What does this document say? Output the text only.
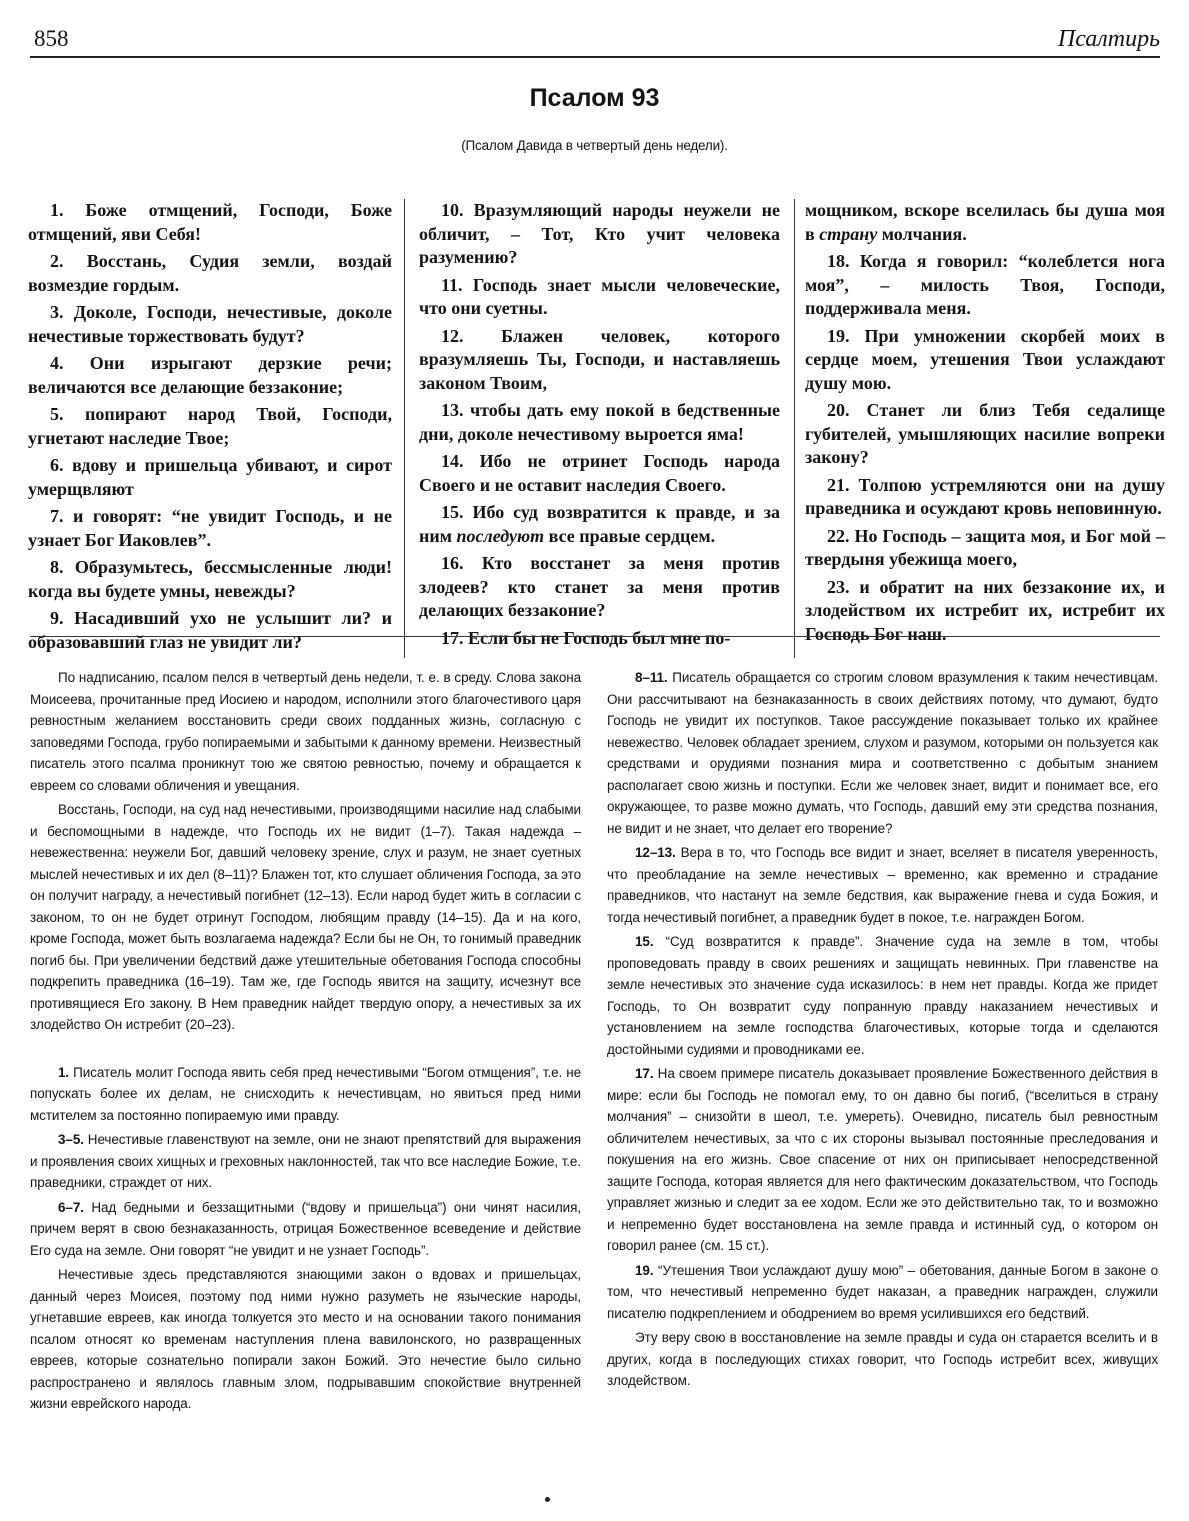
858	Псалтирь
Псалом 93
(Псалом Давида в четвертый день недели).

1. Боже отмщений, Господи, Боже отмщений, яви Себя!

2. Восстань, Судия земли, воздай возмездие гордым.

3. Доколе, Господи, нечестивые, доколе нечестивые торжествовать будут?

4. Они изрыгают дерзкие речи; величаются все делающие беззаконие;

5. попирают народ Твой, Господи, угнетают наследие Твое;

6. вдову и пришельца убивают, и сирот умерщвляют

7. и говорят: “не увидит Господь, и не узнает Бог Иаковлев”.

8. Образумьтесь, бессмысленные люди! когда вы будете умны, невежды?

9. Насадивший ухо не услышит ли? и образовавший глаз не увидит ли?

10. Вразумляющий народы неужели не обличит, – Тот, Кто учит человека разумению?

11. Господь знает мысли человеческие, что они суетны.

12. Блажен человек, которого вразумляешь Ты, Господи, и наставляешь законом Твоим,

13. чтобы дать ему покой в бедственные дни, доколе нечестивому выроется яма!

14. Ибо не отринет Господь народа Своего и не оставит наследия Своего.

15. Ибо суд возвратится к правде, и за ним последуют все правые сердцем.

16. Кто восстанет за меня против злодеев? кто станет за меня против делающих беззаконие?

17. Если бы не Господь был мне по-

мощником, вскоре вселилась бы душа моя в страну молчания.

18. Когда я говорил: “колеблется нога моя”, – милость Твоя, Господи, поддерживала меня.

19. При умножении скорбей моих в сердце моем, утешения Твои услаждают душу мою.

20. Станет ли близ Тебя седалище губителей, умышляющих насилие вопреки закону?

21. Толпою устремляются они на душу праведника и осуждают кровь неповинную.

22. Но Господь – защита моя, и Бог мой – твердыня убежища моего,

23. и обратит на них беззаконие их, и злодейством их истребит их, истребит их Господь Бог наш.

По надписанию, псалом пелся в четвертый день недели, т. е. в среду. Слова закона Моисеева, прочитанные пред Иосиею и народом, исполнили этого благочестивого царя ревностным желанием восстановить среди своих подданных жизнь, согласную с заповедями Господа, грубо попираемыми и забытыми к данному времени. Неизвестный писатель этого псалма проникнут тою же святою ревностью, почему и обращается к евреем со словами обличения и увещания.

Восстань, Господи, на суд над нечестивыми, производящими насилие над слабыми и беспомощными в надежде, что Господь их не видит (1–7). Такая надежда – невежественна: неужели Бог, давший человеку зрение, слух и разум, не знает суетных мыслей нечестивых и их дел (8–11)? Блажен тот, кто слушает обличения Господа, за это он получит награду, а нечестивый погибнет (12–13). Если народ будет жить в согласии с законом, то он не будет отринут Господом, любящим правду (14–15). Да и на кого, кроме Господа, может быть возлагаема надежда? Если бы не Он, то гонимый праведник погиб бы. При увеличении бедствий даже утешительные обетования Господа способны подкрепить праведника (16–19). Там же, где Господь явится на защиту, исчезнут все противящиеся Его закону. В Нем праведник найдет твердую опору, а нечестивых за их злодейство Он истребит (20–23).

1. Писатель молит Господа явить себя пред нечестивыми “Богом отмщения”, т.е. не попускать более их делам, не снисходить к нечестивцам, но явиться пред ними мстителем за постоянно попираемую ими правду.

3–5. Нечестивые главенствуют на земле, они не знают препятствий для выражения и проявления своих хищных и греховных наклонностей, так что все наследие Божие, т.е. праведники, страждет от них.

6–7. Над бедными и беззащитными (“вдову и пришельца”) они чинят насилия, причем верят в свою безнаказанность, отрицая Божественное всеведение и действие Его суда на земле. Они говорят “не увидит и не узнает Господь”.

Нечестивые здесь представляются знающими закон о вдовах и пришельцах, данный через Моисея, поэтому под ними нужно разуметь не языческие народы, угнетавшие евреев, как иногда толкуется это место и на основании такого понимания псалом относят ко временам наступления плена вавилонского, но развращенных евреев, которые сознательно попирали закон Божий. Это нечестие было сильно распространено и являлось главным злом, подрывавшим спокойствие внутренней жизни еврейского народа.

8–11. Писатель обращается со строгим словом вразумления к таким нечестивцам. Они рассчитывают на безнаказанность в своих действиях потому, что думают, будто Господь не увидит их поступков. Такое рассуждение показывает только их крайнее невежество. Человек обладает зрением, слухом и разумом, которыми он пользуется как средствами и орудиями познания мира и соответственно с добытым знанием располагает свою жизнь и поступки. Если же человек знает, видит и понимает все, его окружающее, то разве можно думать, что Господь, давший ему эти средства познания, не видит и не знает, что делает его творение?

12–13. Вера в то, что Господь все видит и знает, вселяет в писателя уверенность, что преобладание на земле нечестивых – временно, как временно и страдание праведников, что настанут на земле бедствия, как выражение гнева и суда Божия, и тогда нечестивый погибнет, а праведник будет в покое, т.е. награжден Богом.

15. “Суд возвратится к правде”. Значение суда на земле в том, чтобы проповедовать правду в своих решениях и защищать невинных. При главенстве на земле нечестивых это значение суда исказилось: в нем нет правды. Когда же придет Господь, то Он возвратит суду попранную правду наказанием нечестивых и установлением на земле господства благочестивых, которые тогда и сделаются достойными судиями и проводниками ее.

17. На своем примере писатель доказывает проявление Божественного действия в мире: если бы Господь не помогал ему, то он давно бы погиб, (“вселиться в страну молчания” – снизойти в шеол, т.е. умереть). Очевидно, писатель был ревностным обличителем нечестивых, за что с их стороны вызывал постоянные преследования и покушения на его жизнь. Свое спасение от них он приписывает непосредственной защите Господа, которая является для него фактическим доказательством, что Господь управляет жизнью и следит за ее ходом. Если же это действительно так, то и возможно и непременно будет восстановлена на земле правда и истинный суд, о котором он говорил ранее (см. 15 ст.).

19. “Утешения Твои услаждают душу мою” – обетования, данные Богом в законе о том, что нечестивый непременно будет наказан, а праведник награжден, служили писателю подкреплением и ободрением во время усилившихся его бедствий.

Эту веру свою в восстановление на земле правды и суда он старается вселить и в других, когда в последующих стихах говорит, что Господь истребит всех, живущих злодейством.
